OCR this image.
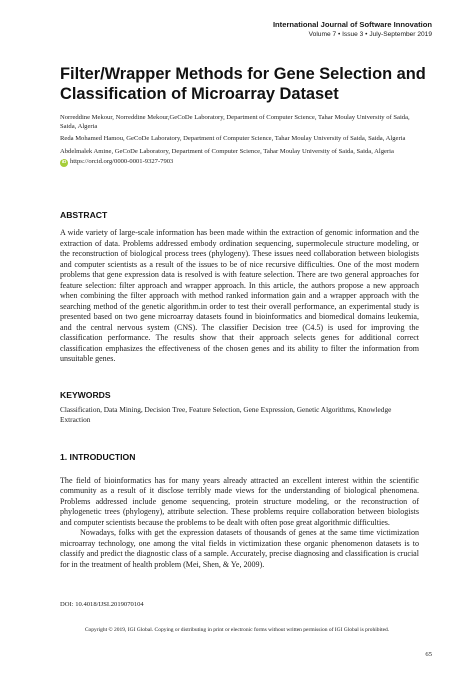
International Journal of Software Innovation
Volume 7 • Issue 3 • July-September 2019
Filter/Wrapper Methods for Gene Selection and Classification of Microarray Dataset
Norreddine Mekour, Norreddine Mekour,GeCoDe Laboratory, Department of Computer Science, Tahar Moulay University of Saida, Saida, Algeria
Reda Mohamed Hamou, GeCoDe Laboratory, Department of Computer Science, Tahar Moulay University of Saida, Saida, Algeria
Abdelmalek Amine, GeCoDe Laboratory, Department of Computer Science, Tahar Moulay University of Saida, Saida, Algeria
iD https://orcid.org/0000-0001-9327-7903
ABSTRACT
A wide variety of large-scale information has been made within the extraction of genomic information and the extraction of data. Problems addressed embody ordination sequencing, supermolecule structure modeling, or the reconstruction of biological process trees (phylogeny). These issues need collaboration between biologists and computer scientists as a result of the issues to be of nice recursive difficulties. One of the most modern problems that gene expression data is resolved is with feature selection. There are two general approaches for feature selection: filter approach and wrapper approach. In this article, the authors propose a new approach when combining the filter approach with method ranked information gain and a wrapper approach with the searching method of the genetic algorithm.in order to test their overall performance, an experimental study is presented based on two gene microarray datasets found in bioinformatics and biomedical domains leukemia, and the central nervous system (CNS). The classifier Decision tree (C4.5) is used for improving the classification performance. The results show that their approach selects genes for additional correct classification emphasizes the effectiveness of the chosen genes and its ability to filter the information from unsuitable genes.
KEYWORDS
Classification, Data Mining, Decision Tree, Feature Selection, Gene Expression, Genetic Algorithms, Knowledge Extraction
1. INTRODUCTION

The field of bioinformatics has for many years already attracted an excellent interest within the scientific community as a result of it disclose terribly made views for the understanding of biological phenomena. Problems addressed include genome sequencing, protein structure modeling, or the reconstruction of phylogenetic trees (phylogeny), attribute selection. These problems require collaboration between biologists and computer scientists because the problems to be dealt with often pose great algorithmic difficulties.

Nowadays, folks with get the expression datasets of thousands of genes at the same time victimization microarray technology, one among the vital fields in victimization these organic phenomenon datasets is to classify and predict the diagnostic class of a sample. Accurately, precise diagnosing and classification is crucial for in the treatment of health problem (Mei, Shen, & Ye, 2009).

DOI: 10.4018/IJSI.2019070104
Copyright © 2019, IGI Global. Copying or distributing in print or electronic forms without written permission of IGI Global is prohibited.
65
